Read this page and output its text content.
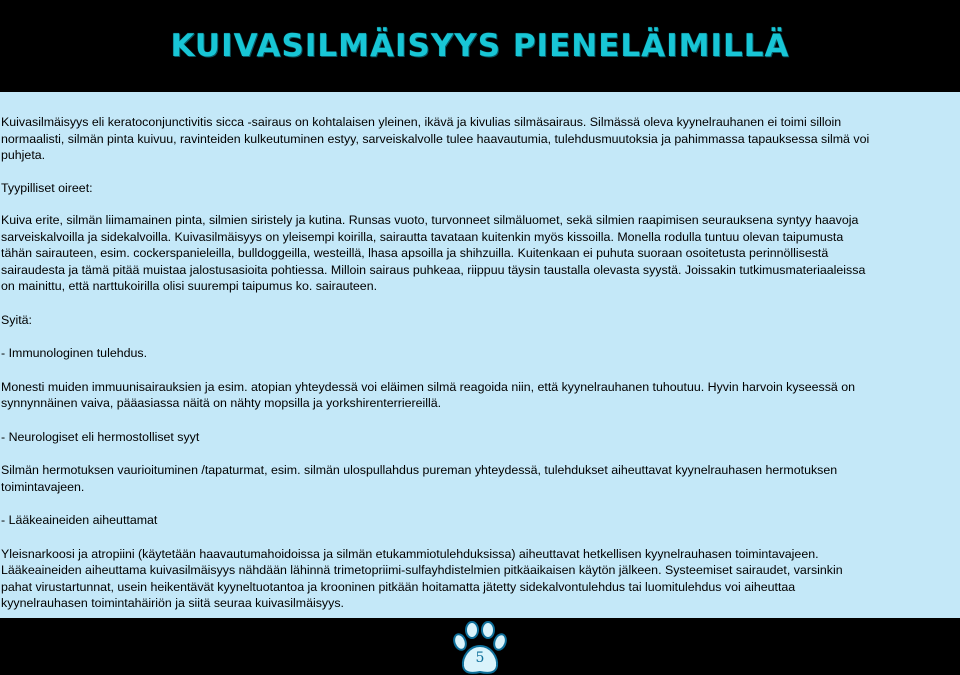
KUIVASILMÄISYYS PIENELÄIMILLÄ

Kuivasilmäisyys eli keratoconjunctivitis sicca -sairaus on kohtalaisen yleinen, ikävä ja kivulias silmäsairaus. Silmässä oleva kyynelrauhanen ei toimi silloin
normaalisti, silmän pinta kuivuu, ravinteiden kulkeutuminen estyy, sarveiskalvolle tulee haavautumia, tulehdusmuutoksia ja pahimmassa tapauksessa silmä voi
puhjeta.

Tyypilliset oireet:

Kuiva erite, silmän liimamainen pinta, silmien siristely ja kutina. Runsas vuoto, turvonneet silmäluomet, sekä silmien raapimisen seurauksena syntyy haavoja
sarveiskalvoilla ja sidekalvoilla. Kuivasilmäisyys on yleisempi koirilla, sairautta tavataan kuitenkin myös kissoilla. Monella rodulla tuntuu olevan taipumusta
tähän sairauteen, esim. cockerspanieleilla, bulldoggeilla, westeillä, lhasa apsoilla ja shihzuilla. Kuitenkaan ei puhuta suoraan osoitetusta perinnöllisestä
sairaudesta ja tämä pitää muistaa jalostusasioita pohtiessa. Milloin sairaus puhkeaa, riippuu täysin taustalla olevasta syystä. Joissakin tutkimusmateriaaleissa
on mainittu, että narttukoirilla olisi suurempi taipumus ko. sairauteen.

Syitä:

- Immunologinen tulehdus.

Monesti muiden immuunisairauksien ja esim. atopian yhteydessä voi eläimen silmä reagoida niin, että kyynelrauhanen tuhoutuu. Hyvin harvoin kyseessä on
synnynnäinen vaiva, pääasiassa näitä on nähty mopsilla ja yorkshirenterriereillä.

- Neurologiset eli hermostolliset syyt

Silmän hermotuksen vaurioituminen /tapaturmat, esim. silmän ulospullahdus pureman yhteydessä, tulehdukset aiheuttavat kyynelrauhasen hermotuksen
toimintavajeen.

- Lääkeaineiden aiheuttamat

Yleisnarkoosi ja atropiini (käytetään haavautumahoidoissa ja silmän etukammiotulehduksissa) aiheuttavat hetkellisen kyynelrauhasen toimintavajeen.
Lääkeaineiden aiheuttama kuivasilmäisyys nähdään lähinnä trimetopriimi-sulfayhdistelmien pitkäaikaisen käytön jälkeen. Systeemiset sairaudet, varsinkin
pahat virustartunnat, usein heikentävät kyyneltuotantoa ja krooninen pitkään hoitamatta jätetty sidekalvontulehdus tai luomitulehdus voi aiheuttaa
kyynelrauhasen toimintahäiriön ja siitä seuraa kuivasilmäisyys.

5
